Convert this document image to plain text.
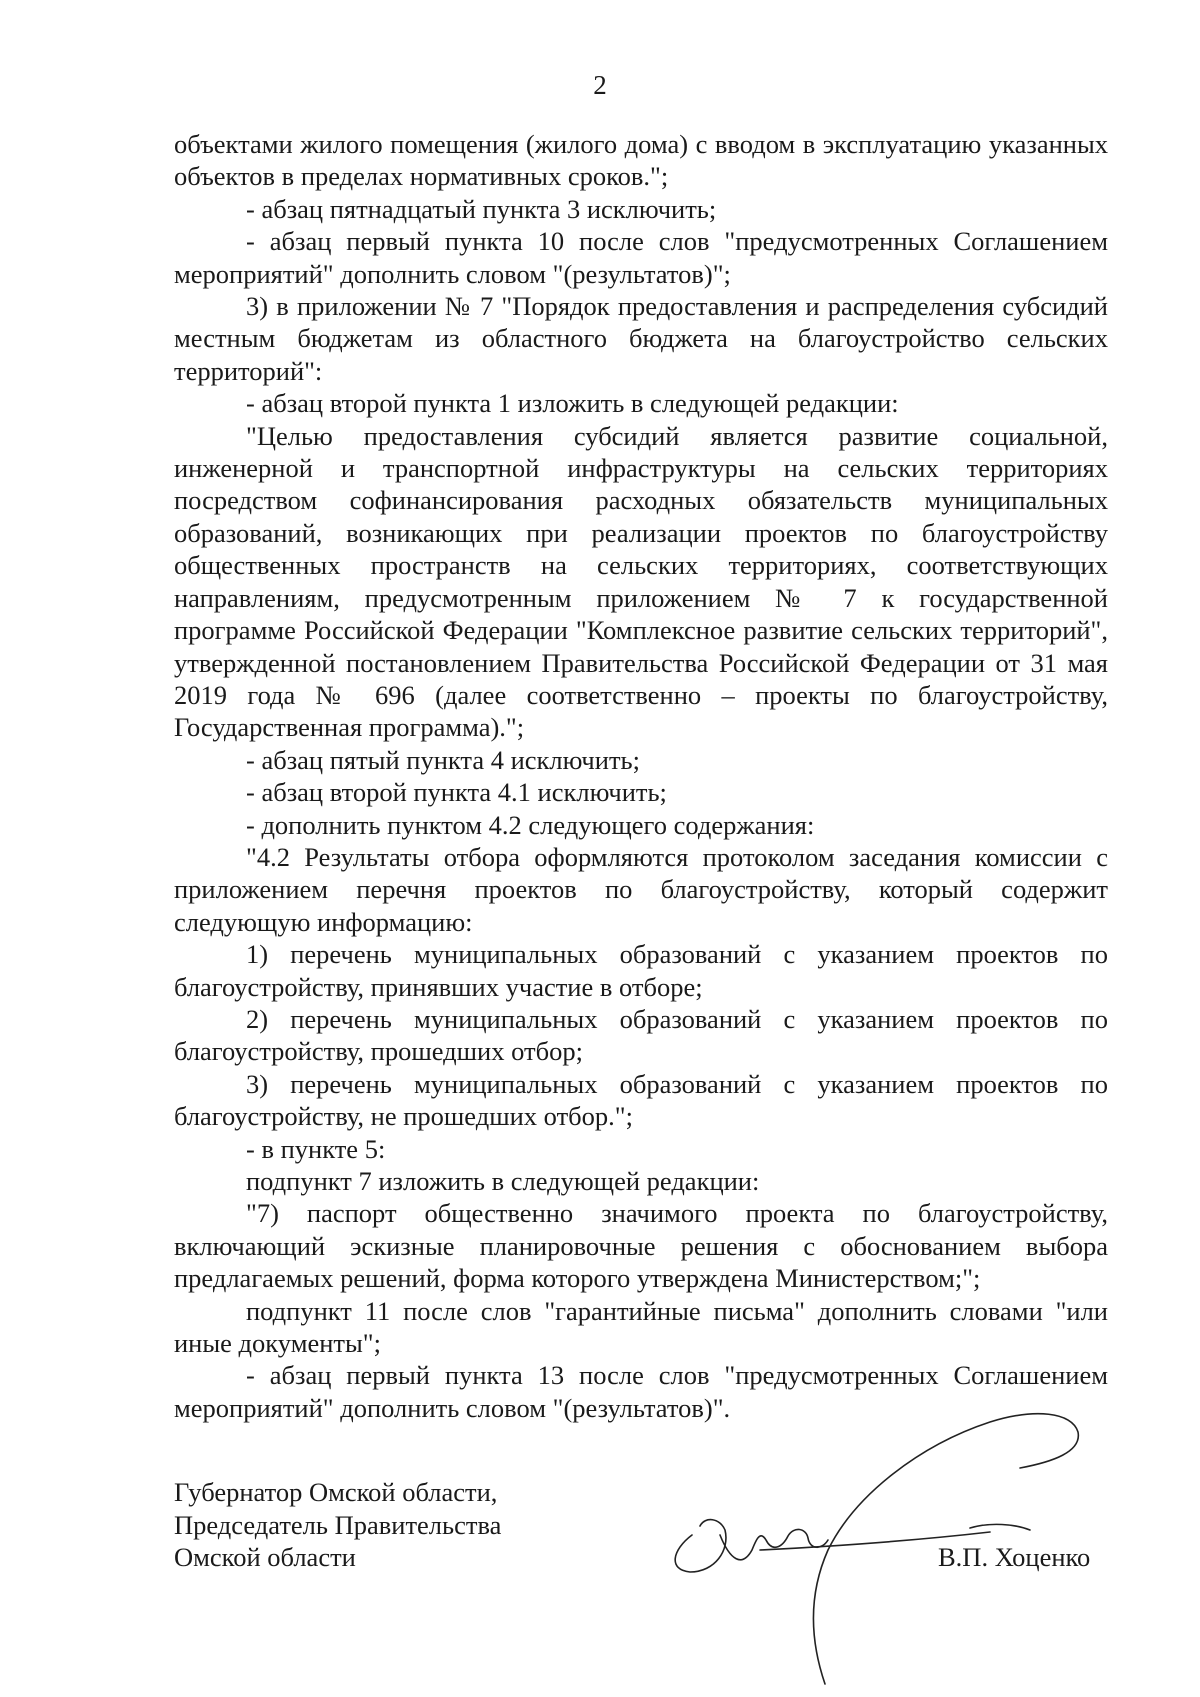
2

объектами жилого помещения (жилого дома) с вводом в эксплуатацию указанных объектов в пределах нормативных сроков.";

- абзац пятнадцатый пункта 3 исключить;

- абзац первый пункта 10 после слов "предусмотренных Соглашением мероприятий" дополнить словом "(результатов)";

3) в приложении № 7 "Порядок предоставления и распределения субсидий местным бюджетам из областного бюджета на благоустройство сельских территорий":

- абзац второй пункта 1 изложить в следующей редакции:

"Целью предоставления субсидий является развитие социальной, инженерной и транспортной инфраструктуры на сельских территориях посредством софинансирования расходных обязательств муниципальных образований, возникающих при реализации проектов по благоустройству общественных пространств на сельских территориях, соответствующих направлениям, предусмотренным приложением № 7 к государственной программе Российской Федерации "Комплексное развитие сельских территорий", утвержденной постановлением Правительства Российской Федерации от 31 мая 2019 года № 696 (далее соответственно – проекты по благоустройству, Государственная программа).";

- абзац пятый пункта 4 исключить;

- абзац второй пункта 4.1 исключить;

- дополнить пунктом 4.2 следующего содержания:

"4.2 Результаты отбора оформляются протоколом заседания комиссии с приложением перечня проектов по благоустройству, который содержит следующую информацию:

1) перечень муниципальных образований с указанием проектов по благоустройству, принявших участие в отборе;

2) перечень муниципальных образований с указанием проектов по благоустройству, прошедших отбор;

3) перечень муниципальных образований с указанием проектов по благоустройству, не прошедших отбор.";

- в пункте 5:

подпункт 7 изложить в следующей редакции:

"7) паспорт общественно значимого проекта по благоустройству, включающий эскизные планировочные решения с обоснованием выбора предлагаемых решений, форма которого утверждена Министерством;";

подпункт 11 после слов "гарантийные письма" дополнить словами "или иные документы";

- абзац первый пункта 13 после слов "предусмотренных Соглашением мероприятий" дополнить словом "(результатов)".

Губернатор Омской области,
Председатель Правительства
Омской области	В.П. Хоценко
